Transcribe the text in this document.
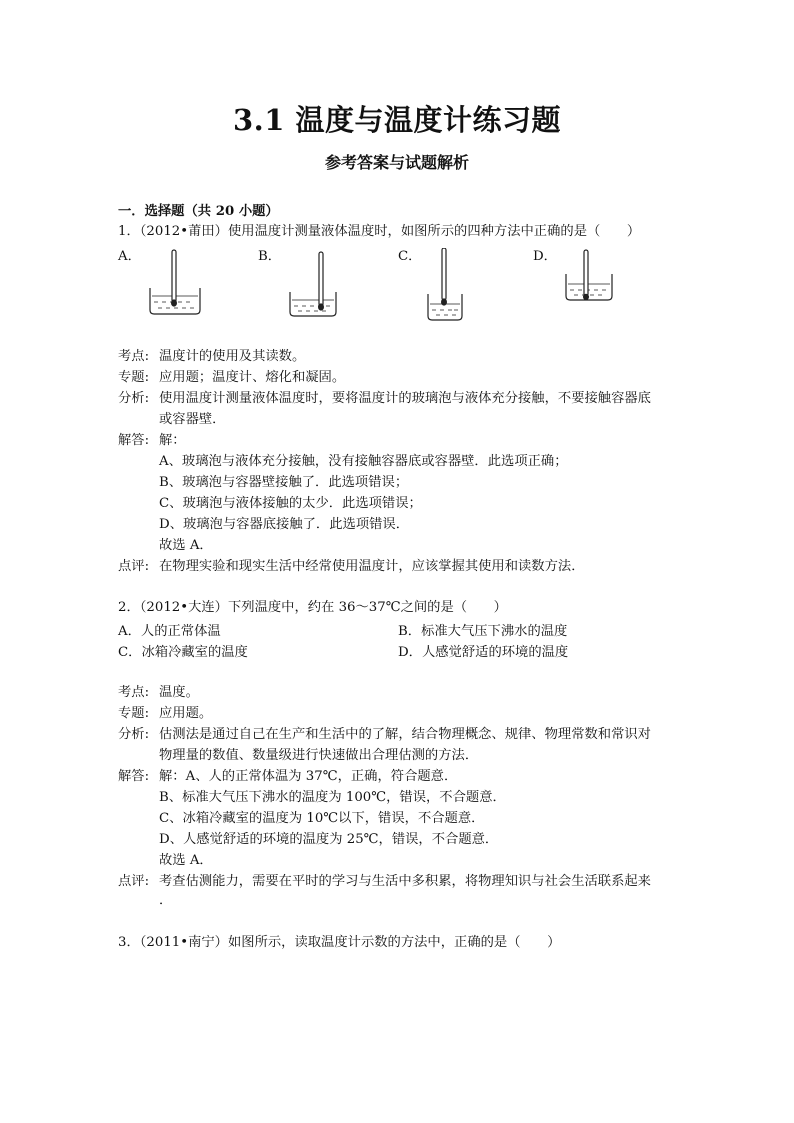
3.1 温度与温度计练习题
参考答案与试题解析
一．选择题（共 20 小题）
1．（2012•莆田）使用温度计测量液体温度时，如图所示的四种方法中正确的是（　　）
A．	B．	C．	D．
考点: 温度计的使用及其读数。
专题: 应用题；温度计、熔化和凝固。
分析: 使用温度计测量液体温度时，要将温度计的玻璃泡与液体充分接触，不要接触容器底
或容器壁．
解答: 解：
A、玻璃泡与液体充分接触，没有接触容器底或容器壁．此选项正确；
B、玻璃泡与容器壁接触了．此选项错误；
C、玻璃泡与液体接触的太少．此选项错误；
D、玻璃泡与容器底接触了．此选项错误．
故选 A．
点评: 在物理实验和现实生活中经常使用温度计，应该掌握其使用和读数方法．
2．（2012•大连）下列温度中，约在 36～37℃之间的是（　　）
A．人的正常体温	B．标准大气压下沸水的温度
C．冰箱冷藏室的温度	D．人感觉舒适的环境的温度
考点: 温度。
专题: 应用题。
分析: 估测法是通过自己在生产和生活中的了解，结合物理概念、规律、物理常数和常识对
物理量的数值、数量级进行快速做出合理估测的方法．
解答: 解：A、人的正常体温为 37℃，正确，符合题意．
B、标准大气压下沸水的温度为 100℃，错误，不合题意．
C、冰箱冷藏室的温度为 10℃以下，错误，不合题意．
D、人感觉舒适的环境的温度为 25℃，错误，不合题意．
故选 A．
点评: 考查估测能力，需要在平时的学习与生活中多积累，将物理知识与社会生活联系起来
．
3．（2011•南宁）如图所示，读取温度计示数的方法中，正确的是（　　）
